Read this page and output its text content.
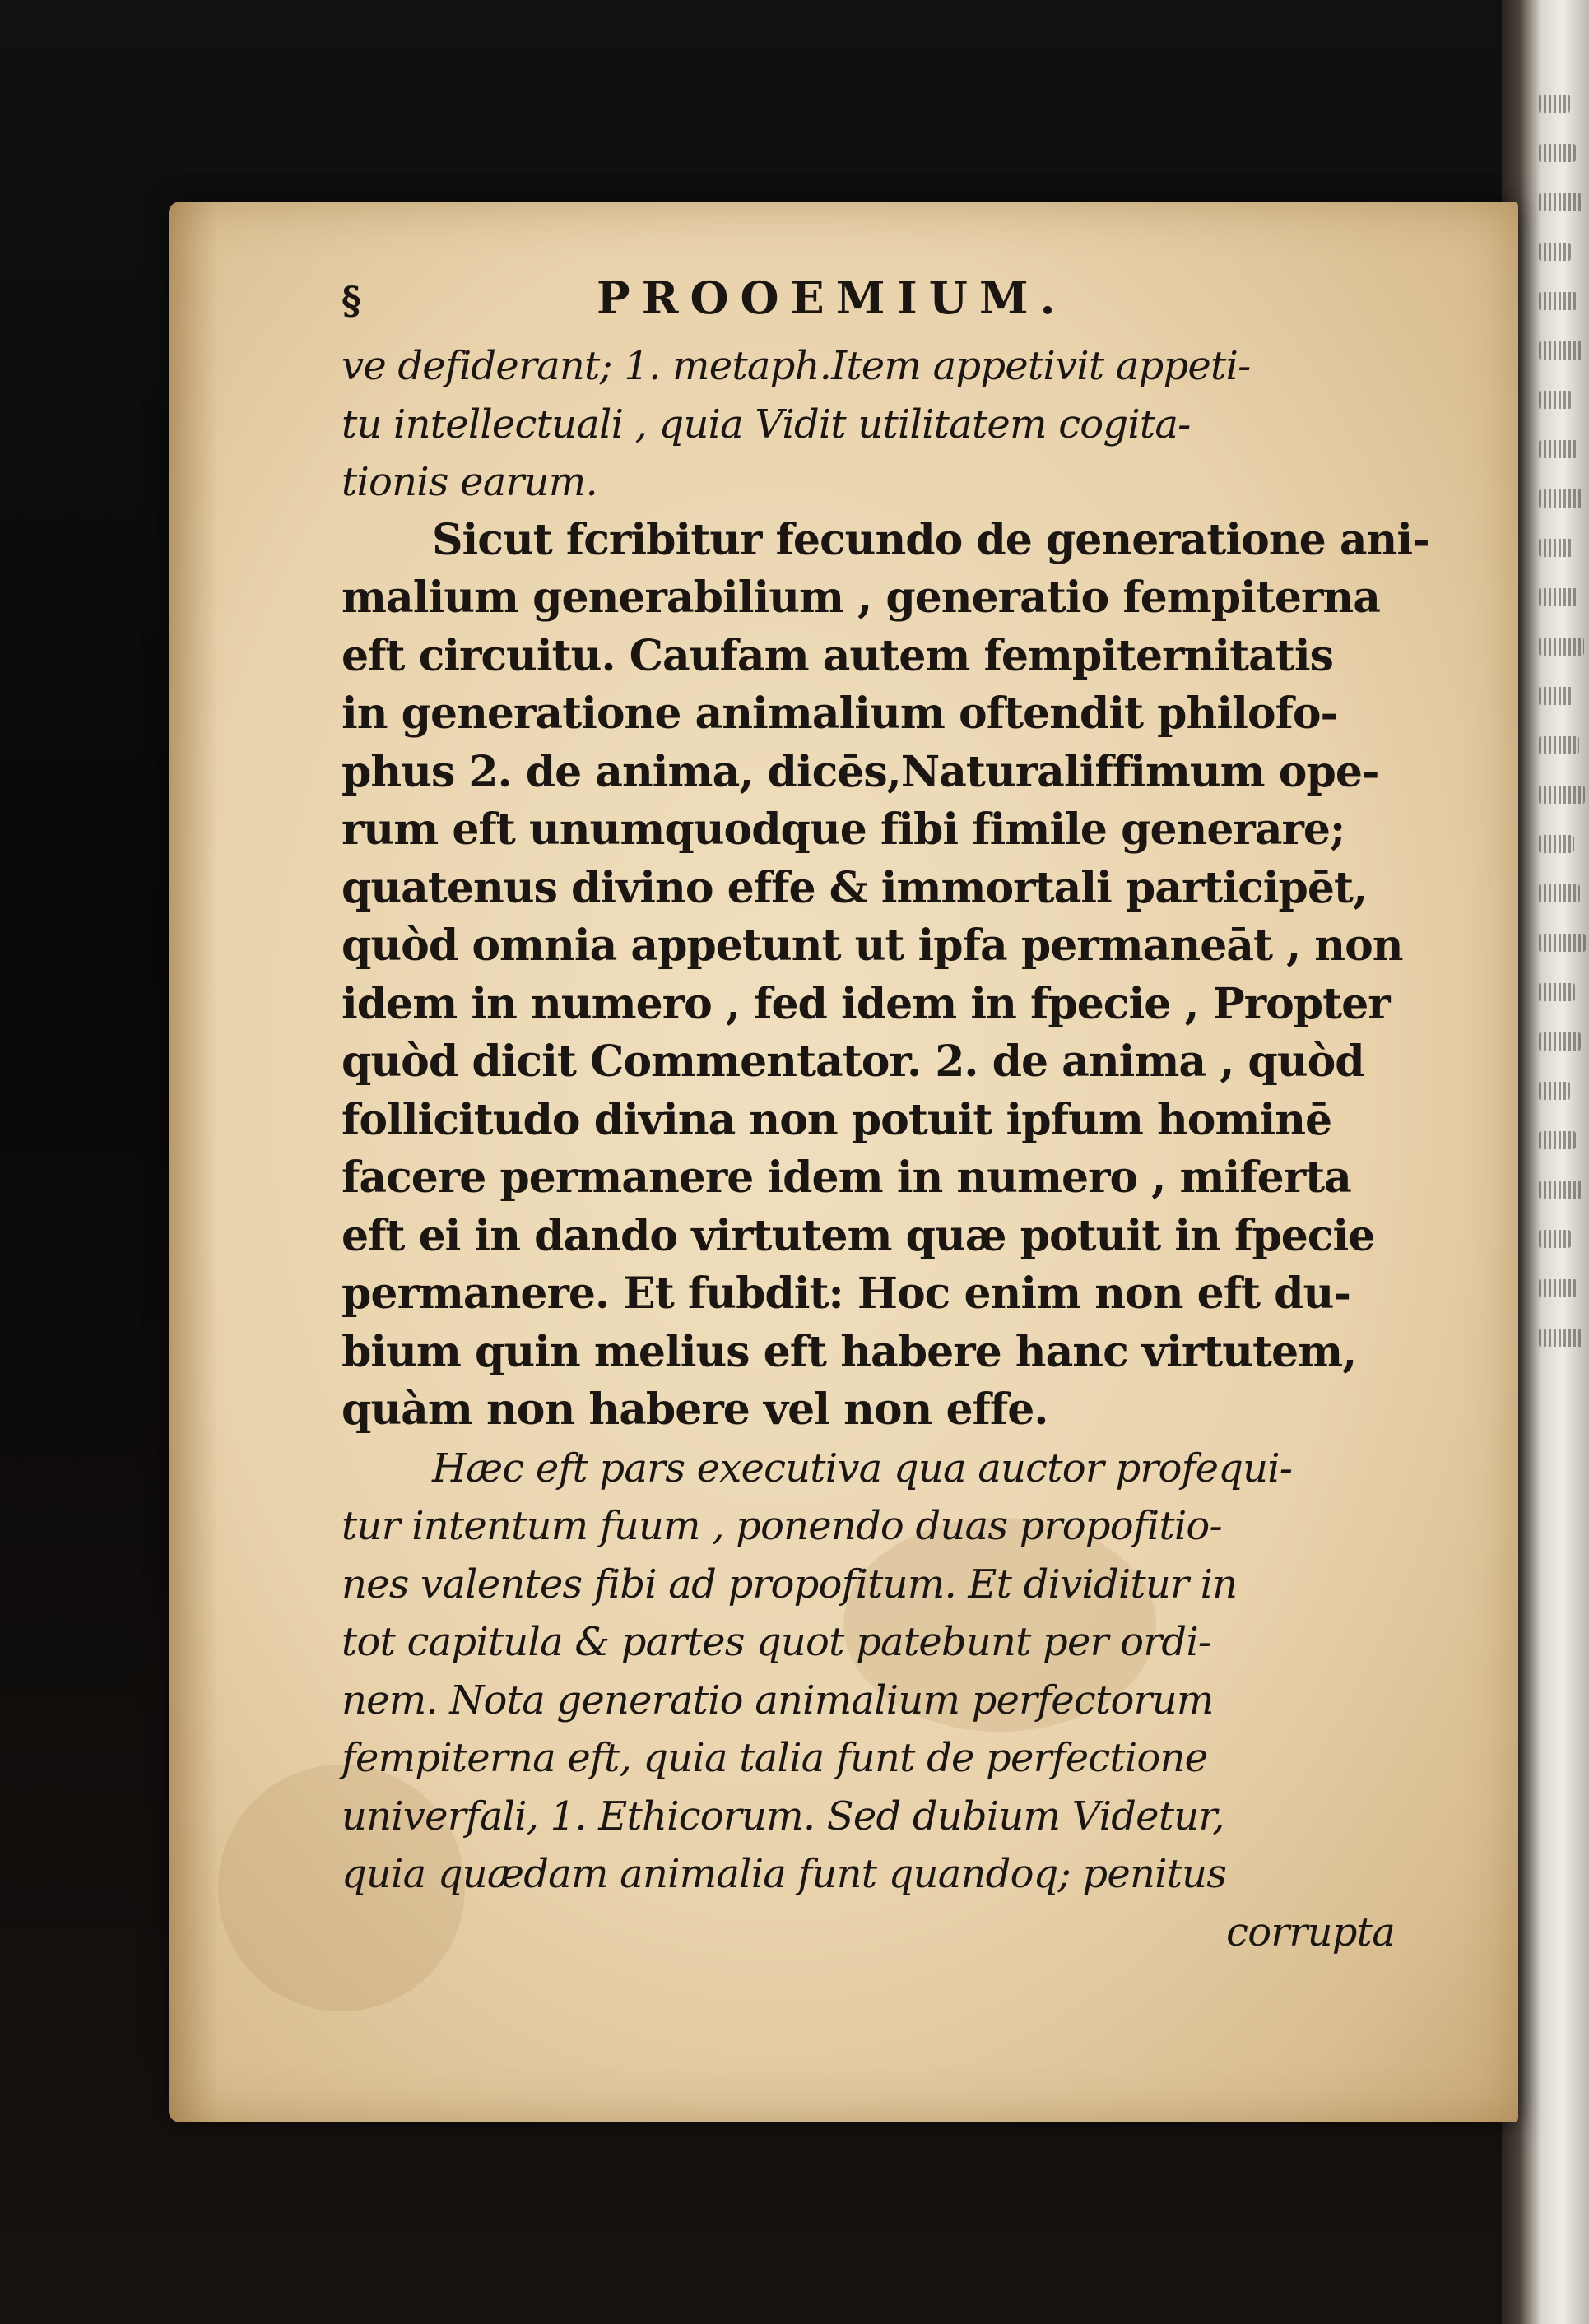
§	PROOEMIUM.
ve defiderant; 1. metaph.Item appetivit appeti-
tu intellectuali , quia Vidit utilitatem cogita-
tionis earum.
Sicut fcribitur fecundo de generatione ani-
malium generabilium , generatio fempiterna
eft circuitu. Caufam autem fempiternitatis
in generatione animalium oftendit philofo-
phus 2. de anima, dicēs,Naturaliffimum ope-
rum eft unumquodque fibi fimile generare;
quatenus divino effe & immortali participēt,
quòd omnia appetunt ut ipfa permaneāt , non
idem in numero , fed idem in fpecie , Propter
quòd dicit Commentator. 2. de anima , quòd
follicitudo divina non potuit ipfum hominē
facere permanere idem in numero , miferta
eft ei in dando virtutem quæ potuit in fpecie
permanere. Et fubdit: Hoc enim non eft du-
bium quin melius eft habere hanc virtutem,
quàm non habere vel non effe.
Hæc eft pars executiva qua auctor profequi-
tur intentum fuum , ponendo duas propofitio-
nes valentes fibi ad propofitum. Et dividitur in
tot capitula & partes quot patebunt per ordi-
nem. Nota generatio animalium perfectorum
fempiterna eft, quia talia funt de perfectione
univerfali, 1. Ethicorum. Sed dubium Videtur,
quia quædam animalia funt quandoq; penitus
corrupta
